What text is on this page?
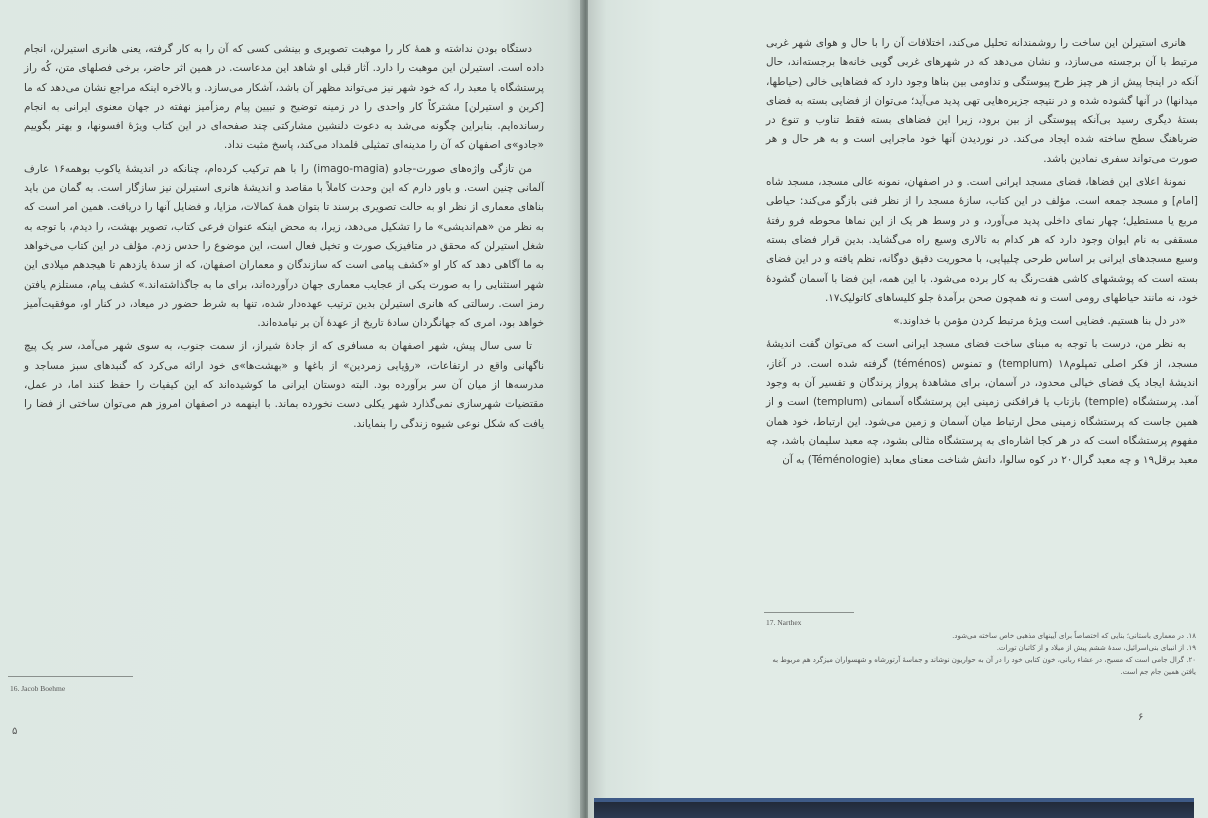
دستگاه بودن نداشته و همهٔ کار را موهبت تصویری و بینشی کسی که آن را به کار گرفته، یعنی هانری استیرلن، انجام داده است. استیرلن این موهبت را دارد. آثار قبلی او شاهد این مدعاست. در همین اثر حاضر، برخی فصلهای متن، کُه راز پرستشگاه یا معبد را، که خود شهر نیز می‌تواند مظهر آن باشد، آشکار می‌سازد. و بالاخره اینکه مراجع نشان می‌دهد که ما [کربن و استیرلن] مشترکاً کار واحدی را در زمینه توضیح و تبیین پیام رمزآمیز نهفته در جهان معنوی ایرانی به انجام رسانده‌ایم. بنابراین چگونه می‌شد به دعوت دلنشین مشارکتی چند صفحه‌ای در این کتاب ویژهٔ افسونها، و بهتر بگوییم «جادو»ی اصفهان که آن را مدینه‌ای تمثیلی قلمداد می‌کند، پاسخ مثبت نداد.

من تازگی واژه‌های صورت-جادو (imago-magia) را با هم ترکیب کرده‌ام، چنانکه در اندیشهٔ یاکوب بوهمه۱۶ عارف آلمانی چنین است. و باور دارم که این وحدت کاملاً با مقاصد و اندیشهٔ هانری استیرلن نیز سازگار است. به گمان من باید بناهای معماری از نظر او به حالت تصویری برسند تا بتوان همهٔ کمالات، مزایا، و فضایل آنها را دریافت. همین امر است که به نظر من «هم‌اندیشی» ما را تشکیل می‌دهد، زیرا، به محض اینکه عنوان فرعی کتاب، تصویر بهشت، را دیدم، با توجه به شغل استیرلن که محقق در متافیزیک صورت و تخیل فعال است، این موضوع را حدس زدم. مؤلف در این کتاب می‌خواهد به ما آگاهی دهد که کار او «کشف پیامی است که سازندگان و معماران اصفهان، که از سدهٔ یازدهم تا هیجدهم میلادی این شهر استثنایی را به صورت یکی از عجایب معماری جهان درآورده‌اند، برای ما به جاگذاشته‌اند.» کشف پیام، مستلزم یافتن رمز است. رسالتی که هانری استیرلن بدین ترتیب عهده‌دار شده، تنها به شرط حضور در میعاد، در کنار او، موفقیت‌آمیز خواهد بود، امری که جهانگردان سادهٔ تاریخ از عهدهٔ آن بر نیامده‌اند.

تا سی سال پیش، شهر اصفهان به مسافری که از جادهٔ شیراز، از سمت جنوب، به سوی شهر می‌آمد، سر یک پیچ ناگهانی واقع در ارتفاعات، «رؤیایی زمردین» از باغها و «بهشت‌ها»ی خود ارائه می‌کرد که گنبدهای سبز مساجد و مدرسه‌ها از میان آن سر برآورده بود. البته دوستان ایرانی ما کوشیده‌اند که این کیفیات را حفظ کنند اما، در عمل، مقتضیات شهرسازی نمی‌گذارد شهر یکلی دست نخورده بماند. با اینهمه در اصفهان امروز هم می‌توان ساختی از فضا را یافت که شکل نوعی شیوه زندگی را بنمایاند.

16. Jacob Boehme
۵

هانری استیرلن این ساخت را روشمندانه تحلیل می‌کند، اختلافات آن را با حال و هوای شهر غربی مرتبط با آن برجسته می‌سازد، و نشان می‌دهد که در شهرهای غربی گویی خانه‌ها برجسته‌اند، حال آنکه در اینجا پیش از هر چیز طرح پیوستگی و تداومی بین بناها وجود دارد که فضاهایی خالی (حیاطها، میدانها) در آنها گشوده شده و در نتیجه جزیره‌هایی تهی پدید می‌آید؛ می‌توان از فضایی بسته به فضای بستهٔ دیگری رسید بی‌آنکه پیوستگی از بین برود، زیرا این فضاهای بسته فقط تناوب و تنوع در ضرباهنگ سطح ساخته شده ایجاد می‌کند. در نوردیدن آنها خود ماجرایی است و به هر حال و هر صورت می‌تواند سفری نمادین باشد.

نمونهٔ اعلای این فضاها، فضای مسجد ایرانی است. و در اصفهان، نمونه عالی مسجد، مسجد شاه [امام] و مسجد جمعه است. مؤلف در این کتاب، سازهٔ مسجد را از نظر فنی بازگو می‌کند: حیاطی مربع یا مستطیل؛ چهار نمای داخلی پدید می‌آورد، و در وسط هر یک از این نماها محوطه فرو رفتهٔ مسقفی به نام ایوان وجود دارد که هر کدام به تالاری وسیع راه می‌گشاید. بدین قرار فضای بسته وسیع مسجدهای ایرانی بر اساس طرحی چلیپایی، با محوریت دقیق دوگانه، نظم یافته و در این فضای بسته است که پوششهای کاشی هفت‌رنگ به کار برده می‌شود. با این همه، این فضا با آسمان گشودهٔ خود، نه مانند حیاطهای رومی است و نه همچون صحن برآمدهٔ جلو کلیساهای کاتولیک۱۷.

«در دل بنا هستیم. فضایی است ویژهٔ مرتبط کردن مؤمن با خداوند.»

به نظر من، درست با توجه به مبنای ساخت فضای مسجد ایرانی است که می‌توان گفت اندیشهٔ مسجد، از فکر اصلی تمپلوم۱۸ (templum) و تمنوس (téménos) گرفته شده است. در آغاز، اندیشهٔ ایجاد یک فضای خیالی محدود، در آسمان، برای مشاهدهٔ پرواز پرندگان و تفسیر آن به وجود آمد. پرستشگاه (temple) بازتاب یا فرافکنی زمینی این پرستشگاه آسمانی (templum) است و از همین جاست که پرستشگاه زمینی محل ارتباط میان آسمان و زمین می‌شود. این ارتباط، خود همان مفهوم پرستشگاه است که در هر کجا اشاره‌ای به پرستشگاه مثالی بشود، چه معبد سلیمان باشد، چه معبد برقل۱۹ و چه معبد گرال۲۰ در کوه سالوا، دانش شناخت معنای معابد (Téménologie) به آن

17. Narthex
۱۸. در معماری باستانی؛ بنایی که اختصاصاً برای آیینهای مذهبی خاص ساخته می‌شود.
۱۹. از انبیای بنی‌اسرائیل، سدهٔ ششم پیش از میلاد و از کاتبان تورات.
۲۰. گرال جامی است که مسیح، در عشاء ربانی، خون کتابی خود را در آن به حواریون نوشاند و جماسهٔ آرتورشاه و شهسواران میزگرد هم مربوط به یافتن همین جام جم است.
۶
